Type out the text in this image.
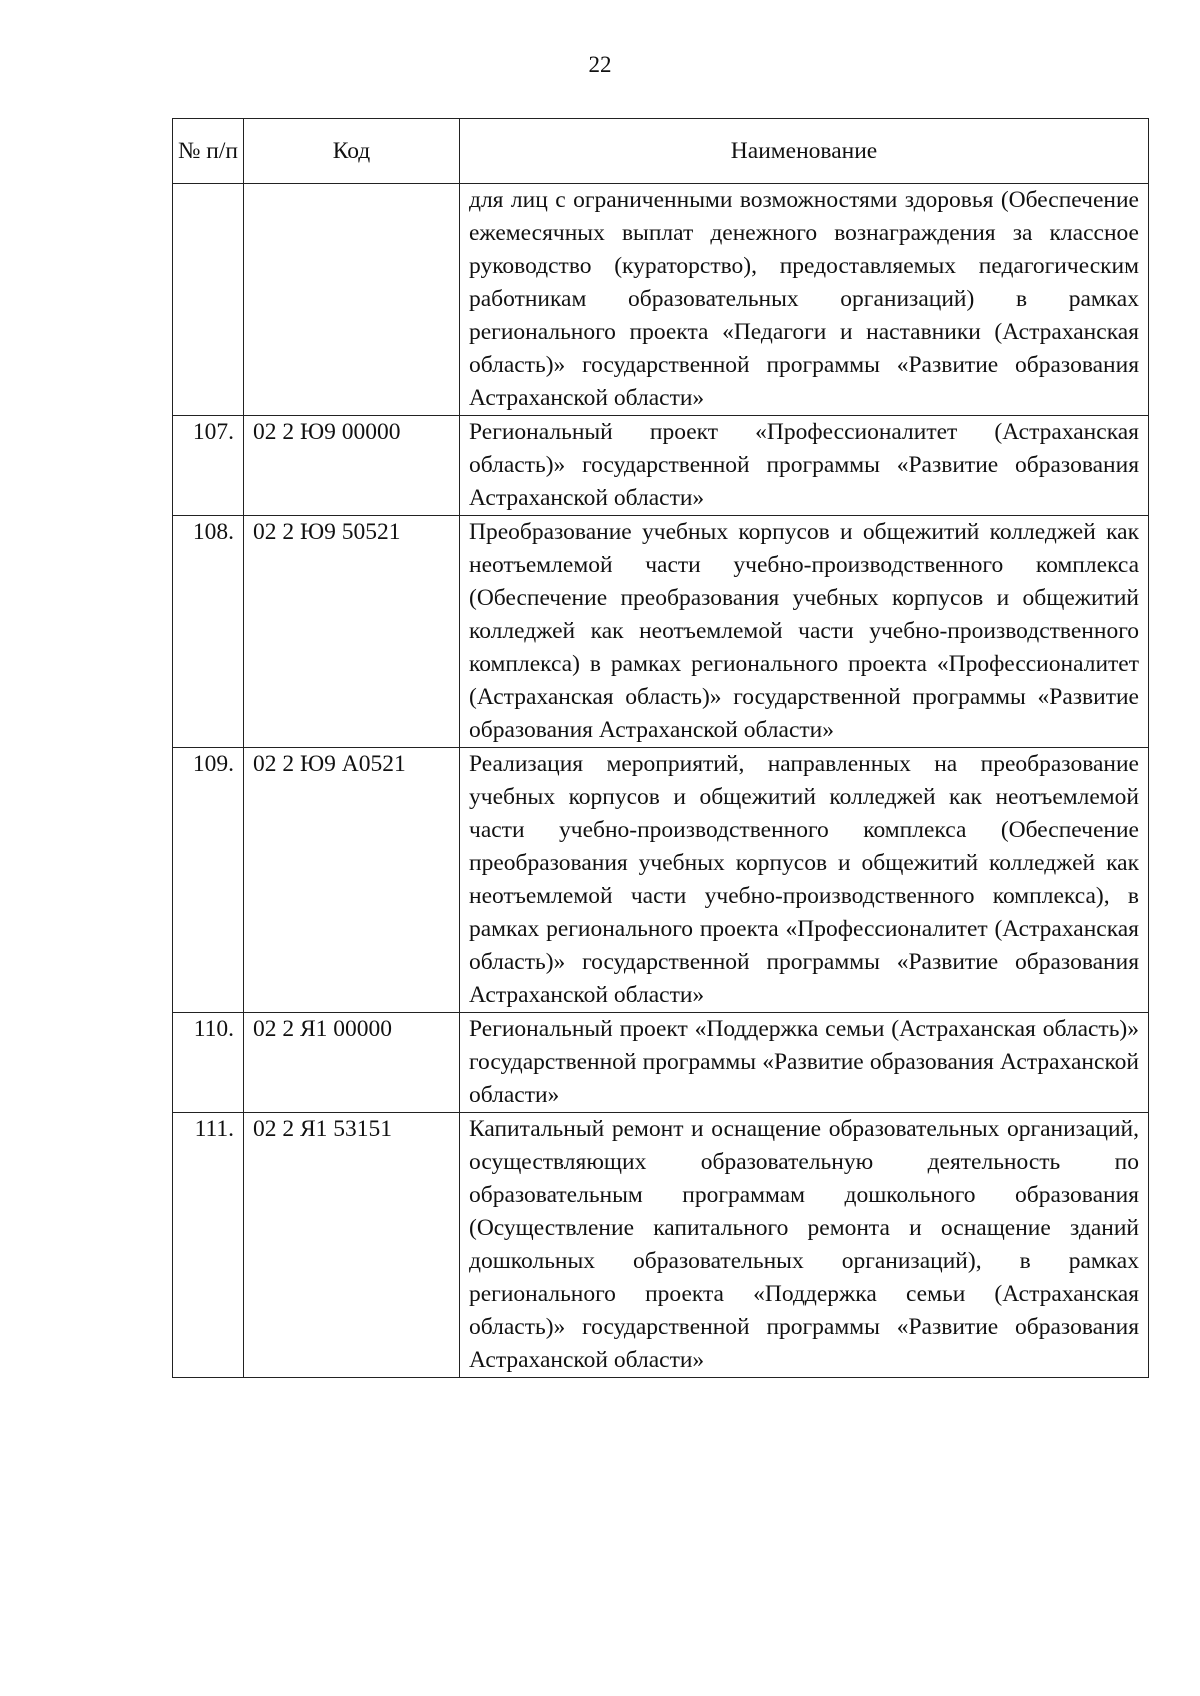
22
№ п/п	Код	Наименование
		для лиц с ограниченными возможностями здоровья (Обеспечение ежемесячных выплат денежного вознаграждения за классное руководство (кураторство), предоставляемых педагогическим работникам образовательных организаций) в рамках регионального проекта «Педагоги и наставники (Астраханская область)» государственной программы «Развитие образования Астраханской области»
107.	02 2 Ю9 00000	Региональный проект «Профессионалитет (Астраханская область)» государственной программы «Развитие образования Астраханской области»
108.	02 2 Ю9 50521	Преобразование учебных корпусов и общежитий колледжей как неотъемлемой части учебно-производственного комплекса (Обеспечение преобразования учебных корпусов и общежитий колледжей как неотъемлемой части учебно-производственного комплекса) в рамках регионального проекта «Профессионалитет (Астраханская область)» государственной программы «Развитие образования Астраханской области»
109.	02 2 Ю9 А0521	Реализация мероприятий, направленных на преобразование учебных корпусов и общежитий колледжей как неотъемлемой части учебно-производственного комплекса (Обеспечение преобразования учебных корпусов и общежитий колледжей как неотъемлемой части учебно-производственного комплекса), в рамках регионального проекта «Профессионалитет (Астраханская область)» государственной программы «Развитие образования Астраханской области»
110.	02 2 Я1 00000	Региональный проект «Поддержка семьи (Астраханская область)» государственной программы «Развитие образования Астраханской области»
111.	02 2 Я1 53151	Капитальный ремонт и оснащение образовательных организаций, осуществляющих образовательную деятельность по образовательным программам дошкольного образования (Осуществление капитального ремонта и оснащение зданий дошкольных образовательных организаций), в рамках регионального проекта «Поддержка семьи (Астраханская область)» государственной программы «Развитие образования Астраханской области»
